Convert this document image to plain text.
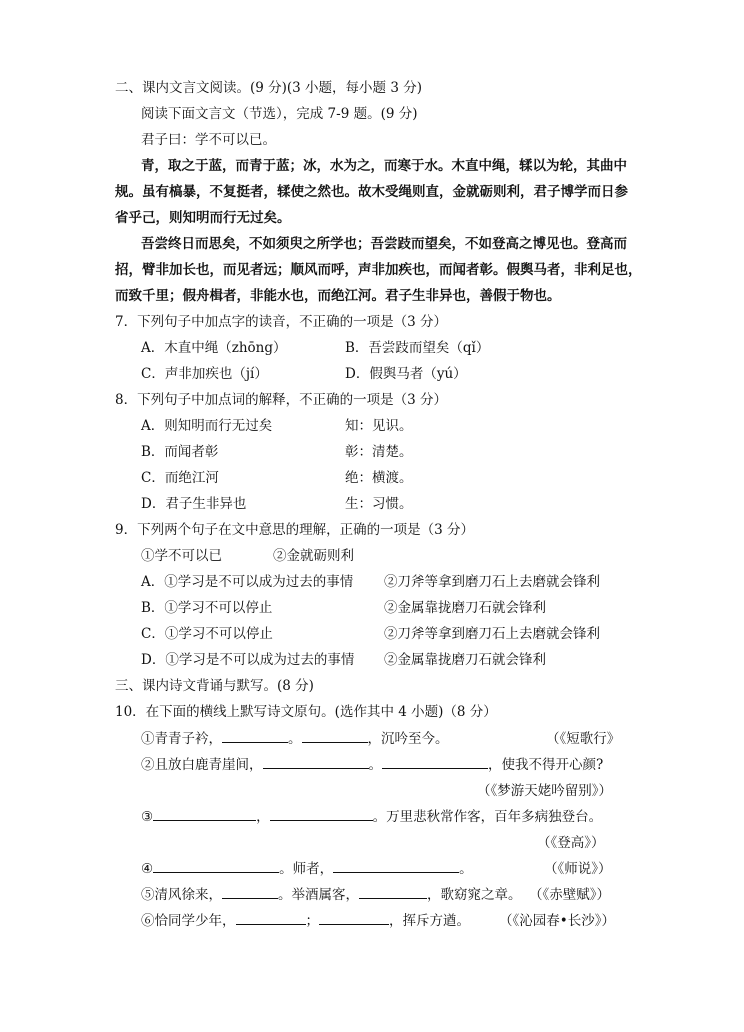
二、课内文言文阅读。(9 分)(3 小题，每小题 3 分)
阅读下面文言文（节选），完成 7-9 题。(9 分)
君子曰：学不可以已。
青，取之于蓝，而青于蓝；冰，水为之，而寒于水。木直中绳，𫐓以为轮，其曲中
规。虽有槁暴，不复挺者，𫐓使之然也。故木受绳则直，金就砺则利，君子博学而日参
省乎己，则知明而行无过矣。
吾尝终日而思矣，不如须臾之所学也；吾尝跂而望矣，不如登高之博见也。登高而
招，臂非加长也，而见者远；顺风而呼，声非加疾也，而闻者彰。假舆马者，非利足也，
而致千里；假舟楫者，非能水也，而绝江河。君子生非异也，善假于物也。
7．下列句子中加点字的读音，不正确的一项是（3 分）
A．木直中绳（zhōng）	B．吾尝跂而望矣（qǐ）
C．声非加疾也（jí）	D．假舆马者（yú）
8．下列句子中加点词的解释，不正确的一项是（3 分）
A．则知明而行无过矣	知：见识。
B．而闻者彰	彰：清楚。
C．而绝江河	绝：横渡。
D．君子生非异也	生：习惯。
9．下列两个句子在文中意思的理解，正确的一项是（3 分）
①学不可以已	②金就砺则利
A．①学习是不可以成为过去的事情 ②刀斧等拿到磨刀石上去磨就会锋利
B．①学习不可以停止	②金属靠拢磨刀石就会锋利
C．①学习不可以停止	②刀斧等拿到磨刀石上去磨就会锋利
D．①学习是不可以成为过去的事情 ②金属靠拢磨刀石就会锋利
三、课内诗文背诵与默写。(8 分)
10．在下面的横线上默写诗文原句。(选作其中 4 小题)（8 分）
①青青子衿，	。	，沉吟至今。	（《短歌行》
②且放白鹿青崖间，	。	，使我不得开心颜?
（《梦游天姥吟留别》）
③	，	。万里悲秋常作客，百年多病独登台。
（《登高》）
④	。师者，	。	（《师说》）
⑤清风徐来，	。举酒属客，	，歌窈窕之章。 （《赤壁赋》）
⑥恰同学少年，	；	，挥斥方遒。 （《沁园春•长沙》）
